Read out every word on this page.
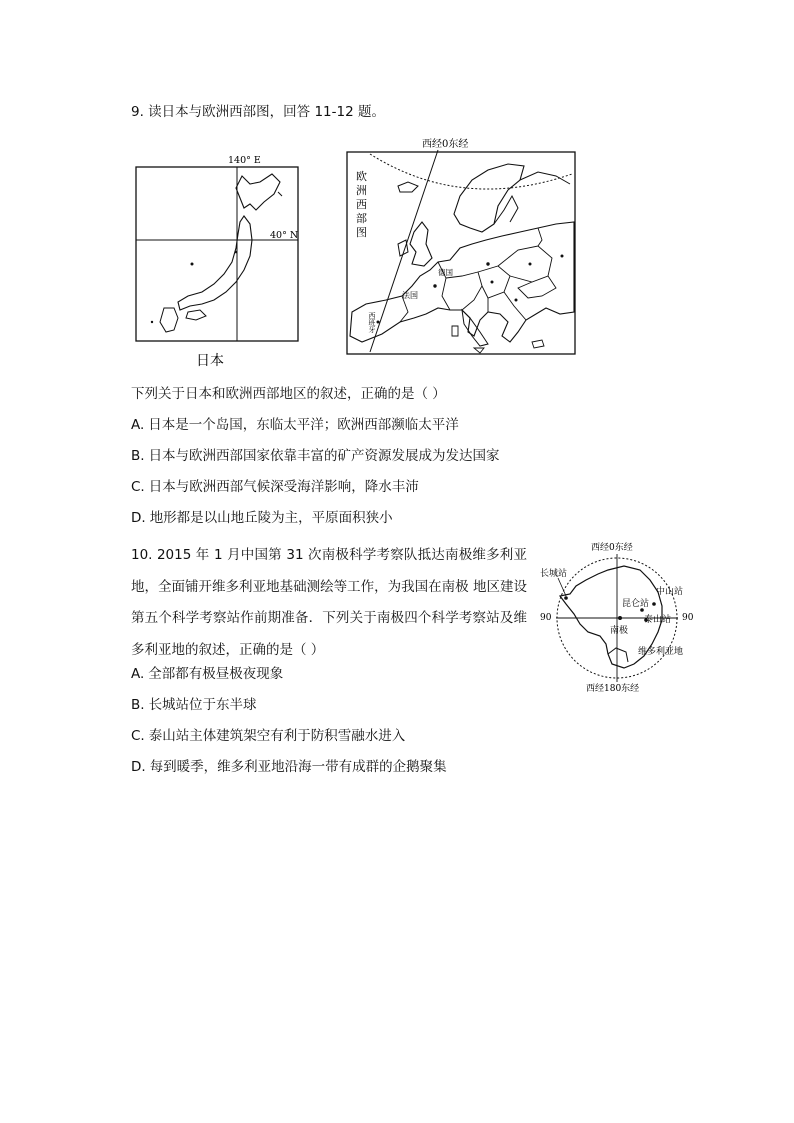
9. 读日本与欧洲西部图，回答 11-12 题。
140° E
40° N
日本
西经0东经
欧
洲
西
部
图
德国
法国
西班牙
下列关于日本和欧洲西部地区的叙述，正确的是（ ）
A. 日本是一个岛国，东临太平洋；欧洲西部濒临太平洋
B. 日本与欧洲西部国家依靠丰富的矿产资源发展成为发达国家
C. 日本与欧洲西部气候深受海洋影响，降水丰沛
D. 地形都是以山地丘陵为主，平原面积狭小
10. 2015 年 1 月中国第 31 次南极科学考察队抵达南极维多利亚地，全面铺开维多利亚地基础测绘等工作，为我国在南极 地区建设第五个科学考察站作前期准备．下列关于南极四个科学考察站及维多利亚地的叙述，正确的是（ ）
西经0东经
西经180东经
90	90
长城站
中山站
昆仑站
南极
泰山站
维多利亚地
A. 全部都有极昼极夜现象
B. 长城站位于东半球
C. 泰山站主体建筑架空有利于防积雪融水进入
D. 每到暖季，维多利亚地沿海一带有成群的企鹅聚集
